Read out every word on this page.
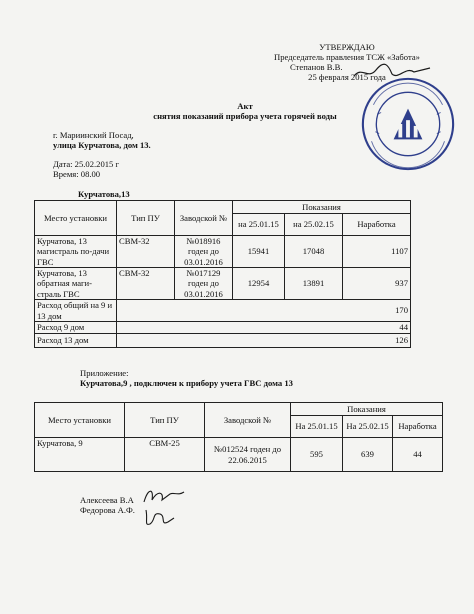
УТВЕРЖДАЮ
Председатель правления ТСЖ «Забота»
Степанов В.В.
25 февраля 2015 года
Акт
снятия показаний прибора учета горячей воды
г. Мариинский Посад,
улица Курчатова, дом 13.
Дата: 25.02.2015 г
Время: 08.00
Курчатова,13
Место установки	Тип ПУ	Заводской №	Показания		
			на 25.01.15	на 25.02.15	Наработка
Курчатова, 13 магистраль по-дачи ГВС	СВМ-32	№018916 годен до 03.01.2016	15941	17048	1107
Курчатова, 13 обратная маги-страль ГВС	СВМ-32	№017129 годен до 03.01.2016	12954	13891	937
Расход общий на 9 и 13 дом	170				
Расход 9 дом	44				
Расход 13 дом	126				
Приложение:
Курчатова,9 , подключен к прибору учета ГВС дома 13
Место установки	Тип ПУ	Заводской №	Показания		
			На 25.01.15	На 25.02.15	Наработка
Курчатова, 9	СВМ-25	№012524 годен до 22.06.2015	595	639	44
Алексеева В.А
Федорова А.Ф.
